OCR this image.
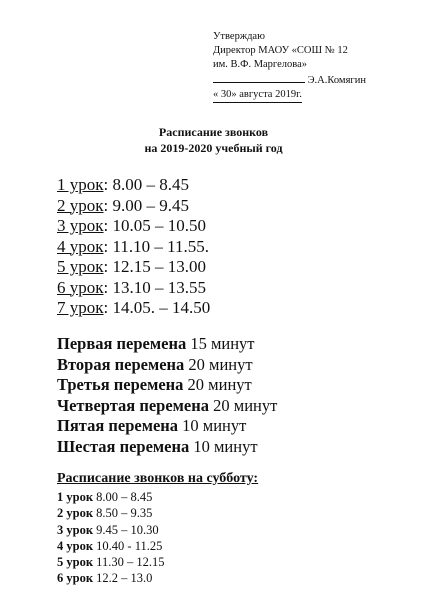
Утверждаю
Директор МАОУ «СОШ № 12
им. В.Ф. Маргелова»
Э.А.Комягин
« 30» августа 2019г.
Расписание звонков
на 2019-2020 учебный год
1 урок: 8.00 – 8.45
2 урок: 9.00 – 9.45
3 урок: 10.05 – 10.50
4 урок: 11.10 – 11.55.
5 урок: 12.15 – 13.00
6 урок: 13.10 – 13.55
7 урок: 14.05. – 14.50
Первая перемена 15 минут
Вторая перемена 20 минут
Третья перемена 20 минут
Четвертая перемена 20 минут
Пятая перемена 10 минут
Шестая перемена 10 минут
Расписание звонков на субботу:
1 урок 8.00 – 8.45
2 урок 8.50 – 9.35
3 урок 9.45 – 10.30
4 урок 10.40 - 11.25
5 урок 11.30 – 12.15
6 урок 12.2 – 13.0
